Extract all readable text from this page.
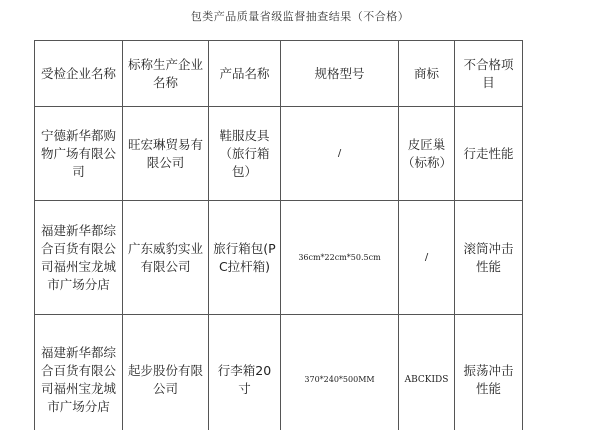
包类产品质量省级监督抽查结果（不合格）
受检企业名称	标称生产企业名称	产品名称	规格型号	商标	不合格项目
宁德新华都购物广场有限公司	旺宏琳贸易有限公司	鞋服皮具（旅行箱包）	/	皮匠巢（标称）	行走性能
福建新华都综合百货有限公司福州宝龙城市广场分店	广东威豹实业有限公司	旅行箱包(PC拉杆箱)	36cm*22cm*50.5cm	/	滚筒冲击性能
福建新华都综合百货有限公司福州宝龙城市广场分店	起步股份有限公司	行李箱20寸	370*240*500MM	ABCKIDS	振荡冲击性能
